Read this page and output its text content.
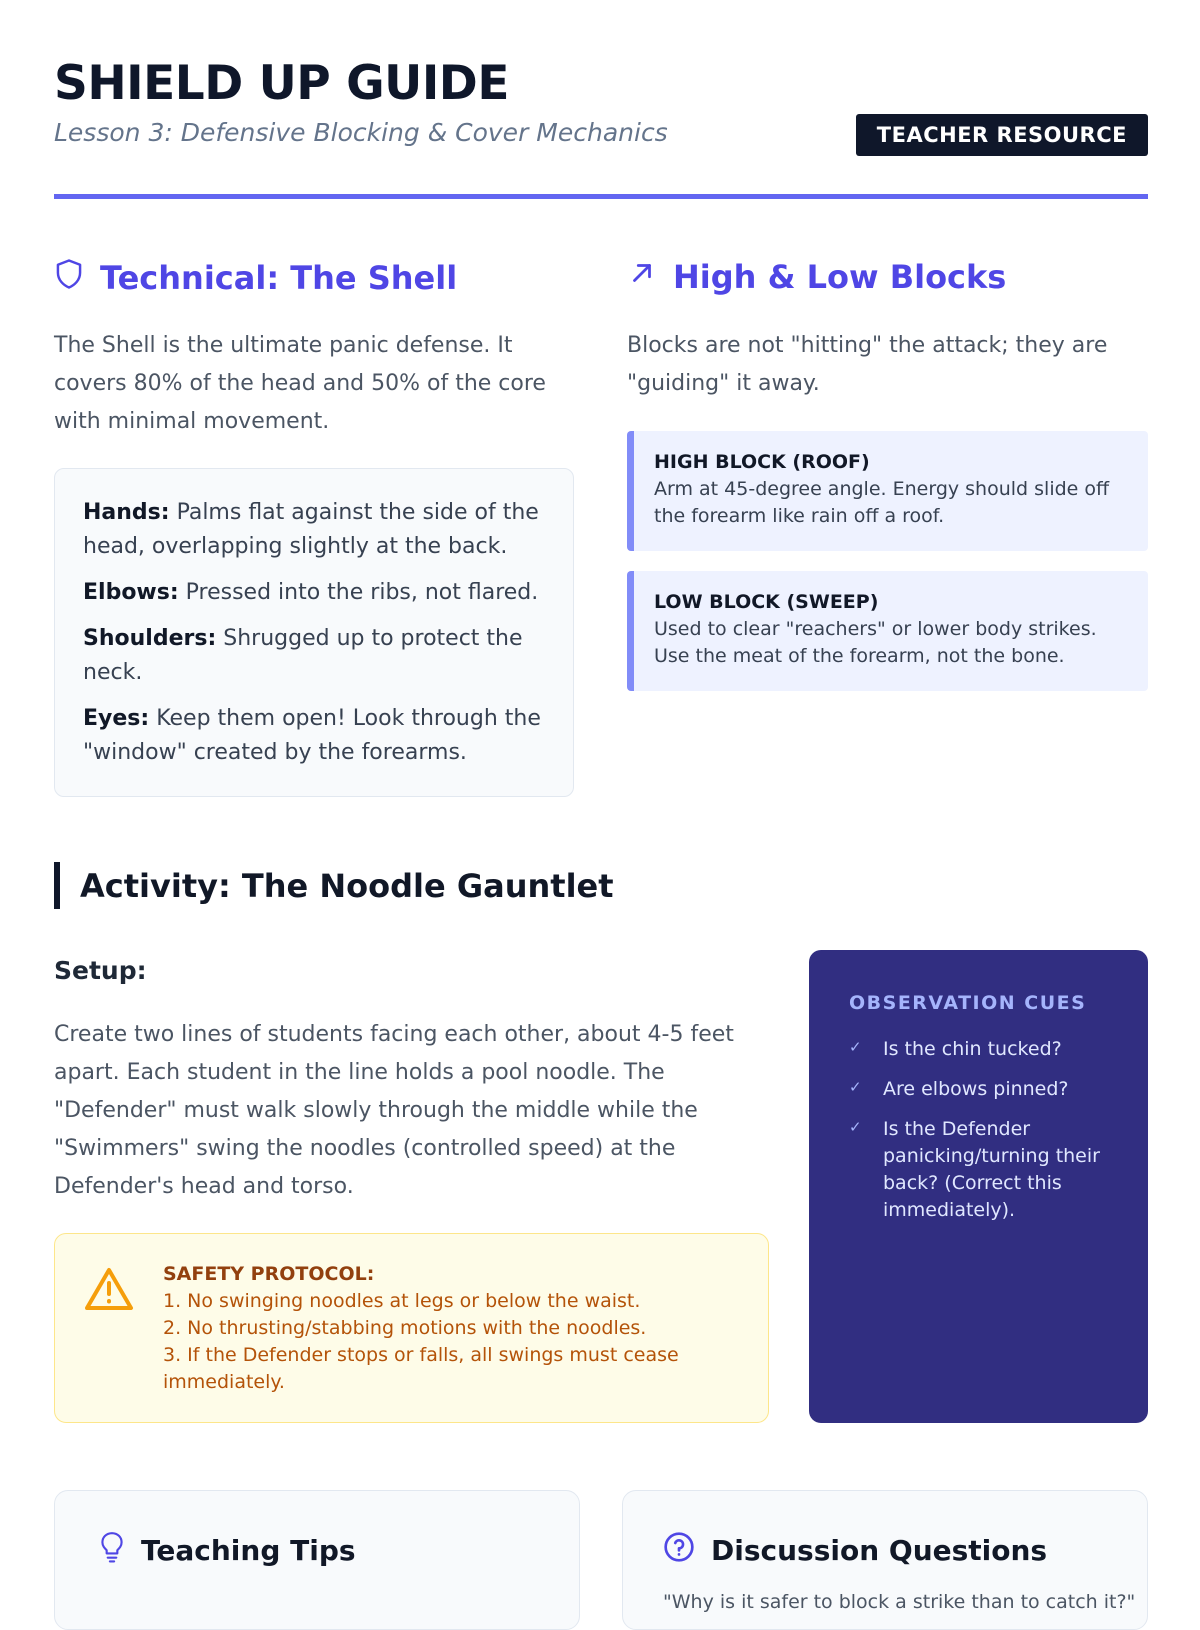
SHIELD UP GUIDE
Lesson 3: Defensive Blocking & Cover Mechanics	TEACHER RESOURCE
Technical: The Shell

The Shell is the ultimate panic defense. It covers 80% of the head and 50% of the core with minimal movement.

Hands: Palms flat against the side of the head, overlapping slightly at the back.
Elbows: Pressed into the ribs, not flared.
Shoulders: Shrugged up to protect the neck.
Eyes: Keep them open! Look through the "window" created by the forearms.
High & Low Blocks

Blocks are not "hitting" the attack; they are "guiding" it away.

HIGH BLOCK (ROOF)
Arm at 45-degree angle. Energy should slide off the forearm like rain off a roof.
LOW BLOCK (SWEEP)
Used to clear "reachers" or lower body strikes. Use the meat of the forearm, not the bone.
Activity: The Noodle Gauntlet
Setup:

Create two lines of students facing each other, about 4-5 feet apart. Each student in the line holds a pool noodle. The "Defender" must walk slowly through the middle while the "Swimmers" swing the noodles (controlled speed) at the Defender's head and torso.

SAFETY PROTOCOL:
1. No swinging noodles at legs or below the waist.
2. No thrusting/stabbing motions with the noodles.
3. If the Defender stops or falls, all swings must cease immediately.
OBSERVATION CUES
✓ Is the chin tucked?
✓ Are elbows pinned?
✓ Is the Defender panicking/turning their back? (Correct this immediately).
Teaching Tips	Discussion Questions
"Why is it safer to block a strike than to catch it?"
